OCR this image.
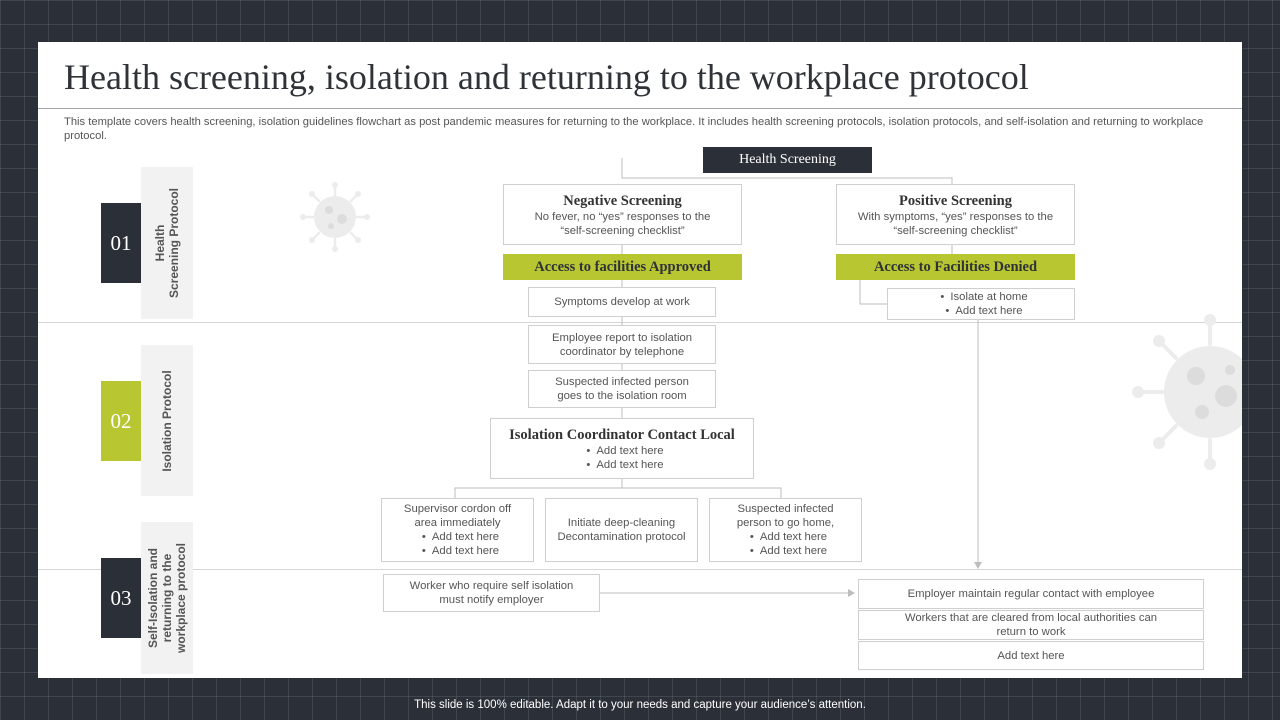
Health screening, isolation and returning to the workplace protocol
This template covers health screening, isolation guidelines flowchart as post pandemic measures for returning to the workplace. It includes health screening protocols, isolation protocols, and self-isolation and returning to workplace protocol.
01	Health
Screening Protocol
02	Isolation Protocol
03	Self-Isolation and
returning to the
workplace protocol
Health Screening
Negative Screening
No fever, no “yes” responses to the
“self-screening checklist”
Positive Screening
With symptoms, “yes” responses to the
“self-screening checklist”
Access to facilities Approved	Access to Facilities Denied
Symptoms develop at work
•	Isolate at home
• Add text here
Employee report to isolation
coordinator by telephone
Suspected infected person
goes to the isolation room
Isolation Coordinator Contact Local
• Add text here
• Add text here
Supervisor cordon off
area immediately
• Add text here
• Add text here
Initiate deep-cleaning
Decontamination protocol
Suspected infected
person to go home,
• Add text here
• Add text here
Worker who require self isolation
must notify employer	Employer maintain regular contact with employee
Workers that are cleared from local authorities can
return to work
Add text here
This slide is 100% editable. Adapt it to your needs and capture your audience’s attention.
